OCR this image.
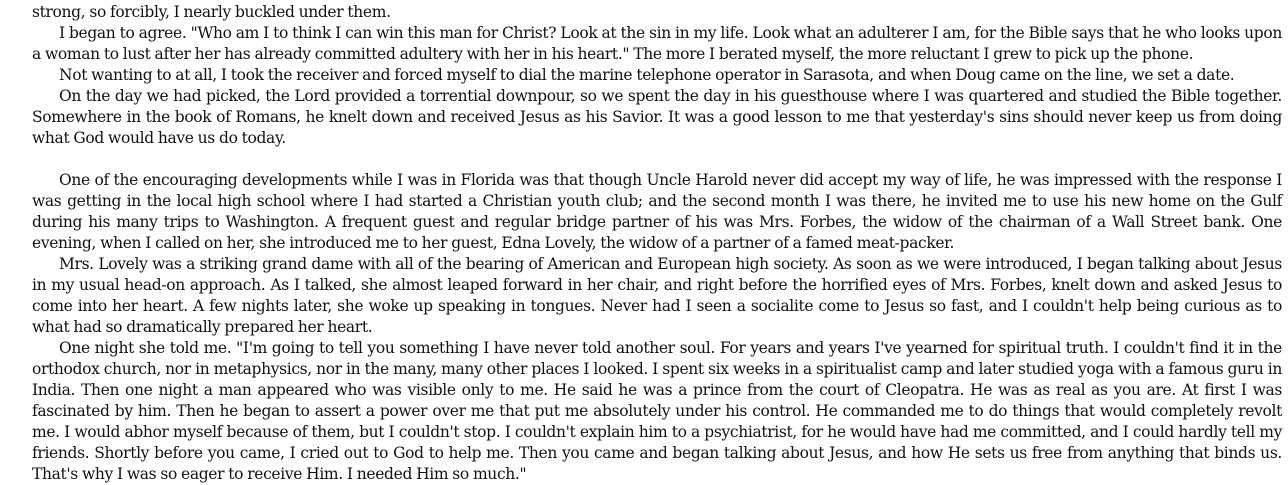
strong, so forcibly, I nearly buckled under them.

I began to agree. "Who am I to think I can win this man for Christ? Look at the sin in my life. Look what an adulterer I am, for the Bible says that he who looks upon a woman to lust after her has already committed adultery with her in his heart." The more I berated myself, the more reluctant I grew to pick up the phone.

Not wanting to at all, I took the receiver and forced myself to dial the marine telephone operator in Sarasota, and when Doug came on the line, we set a date.

On the day we had picked, the Lord provided a torrential downpour, so we spent the day in his guesthouse where I was quartered and studied the Bible together. Somewhere in the book of Romans, he knelt down and received Jesus as his Savior. It was a good lesson to me that yesterday's sins should never keep us from doing what God would have us do today.

One of the encouraging developments while I was in Florida was that though Uncle Harold never did accept my way of life, he was impressed with the response I was getting in the local high school where I had started a Christian youth club; and the second month I was there, he invited me to use his new home on the Gulf during his many trips to Washington. A frequent guest and regular bridge partner of his was Mrs. Forbes, the widow of the chairman of a Wall Street bank. One evening, when I called on her, she introduced me to her guest, Edna Lovely, the widow of a partner of a famed meat-packer.

Mrs. Lovely was a striking grand dame with all of the bearing of American and European high society. As soon as we were introduced, I began talking about Jesus in my usual head-on approach. As I talked, she almost leaped forward in her chair, and right before the horrified eyes of Mrs. Forbes, knelt down and asked Jesus to come into her heart. A few nights later, she woke up speaking in tongues. Never had I seen a socialite come to Jesus so fast, and I couldn't help being curious as to what had so dramatically prepared her heart.

One night she told me. "I'm going to tell you something I have never told another soul. For years and years I've yearned for spiritual truth. I couldn't find it in the orthodox church, nor in metaphysics, nor in the many, many other places I looked. I spent six weeks in a spiritualist camp and later studied yoga with a famous guru in India. Then one night a man appeared who was visible only to me. He said he was a prince from the court of Cleopatra. He was as real as you are. At first I was fascinated by him. Then he began to assert a power over me that put me absolutely under his control. He commanded me to do things that would completely revolt me. I would abhor myself because of them, but I couldn't stop. I couldn't explain him to a psychiatrist, for he would have had me committed, and I could hardly tell my friends. Shortly before you came, I cried out to God to help me. Then you came and began talking about Jesus, and how He sets us free from anything that binds us. That's why I was so eager to receive Him. I needed Him so much."
